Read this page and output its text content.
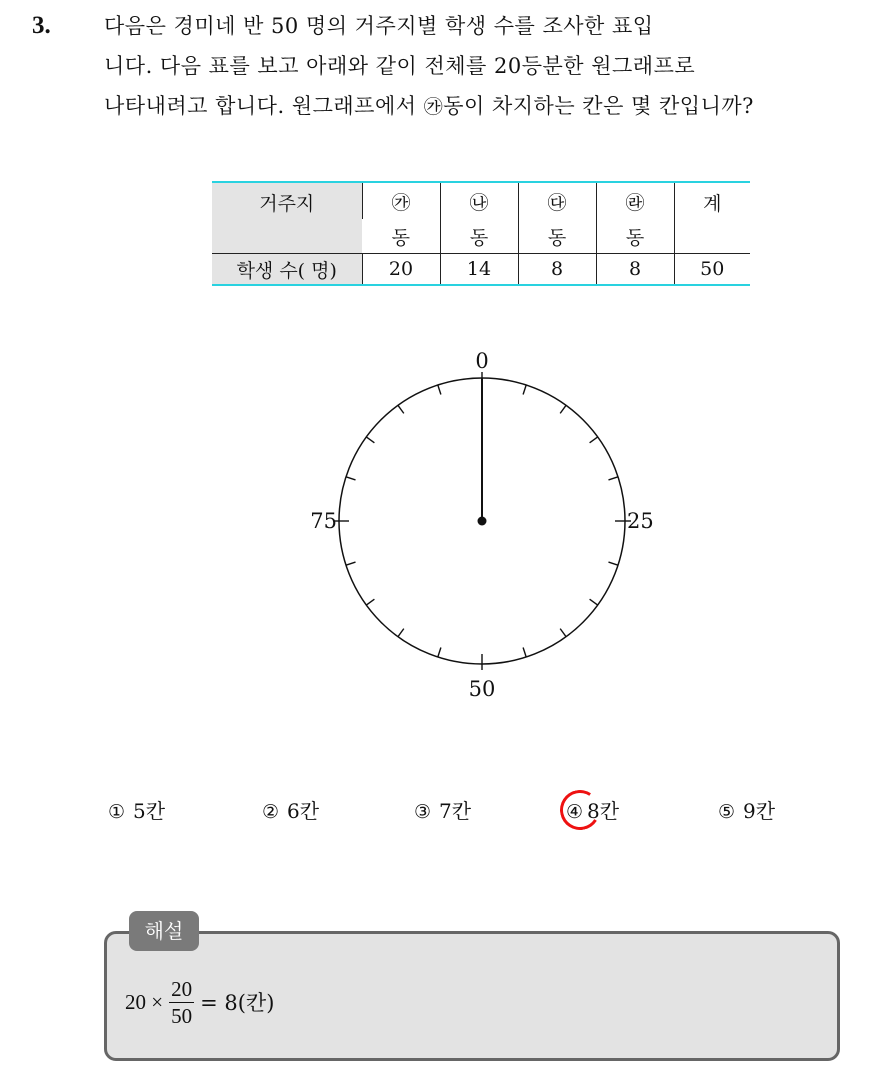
3.	다음은 경미네 반 50 명의 거주지별 학생 수를 조사한 표입
니다. 다음 표를 보고 아래와 같이 전체를 20등분한 원그래프로
나타내려고 합니다. 원그래프에서 ㉮동이 차지하는 칸은 몇 칸입니까?
거주지	㉮	㉯	㉰	㉱	계
	동	동	동	동	
학생 수( 명)	20	14	8	8	50
0
25
50
75
① 5칸	② 6칸	③ 7칸	④ 8칸	⑤ 9칸
해설
$20 \times \frac{20}{50} = 8$(칸)
